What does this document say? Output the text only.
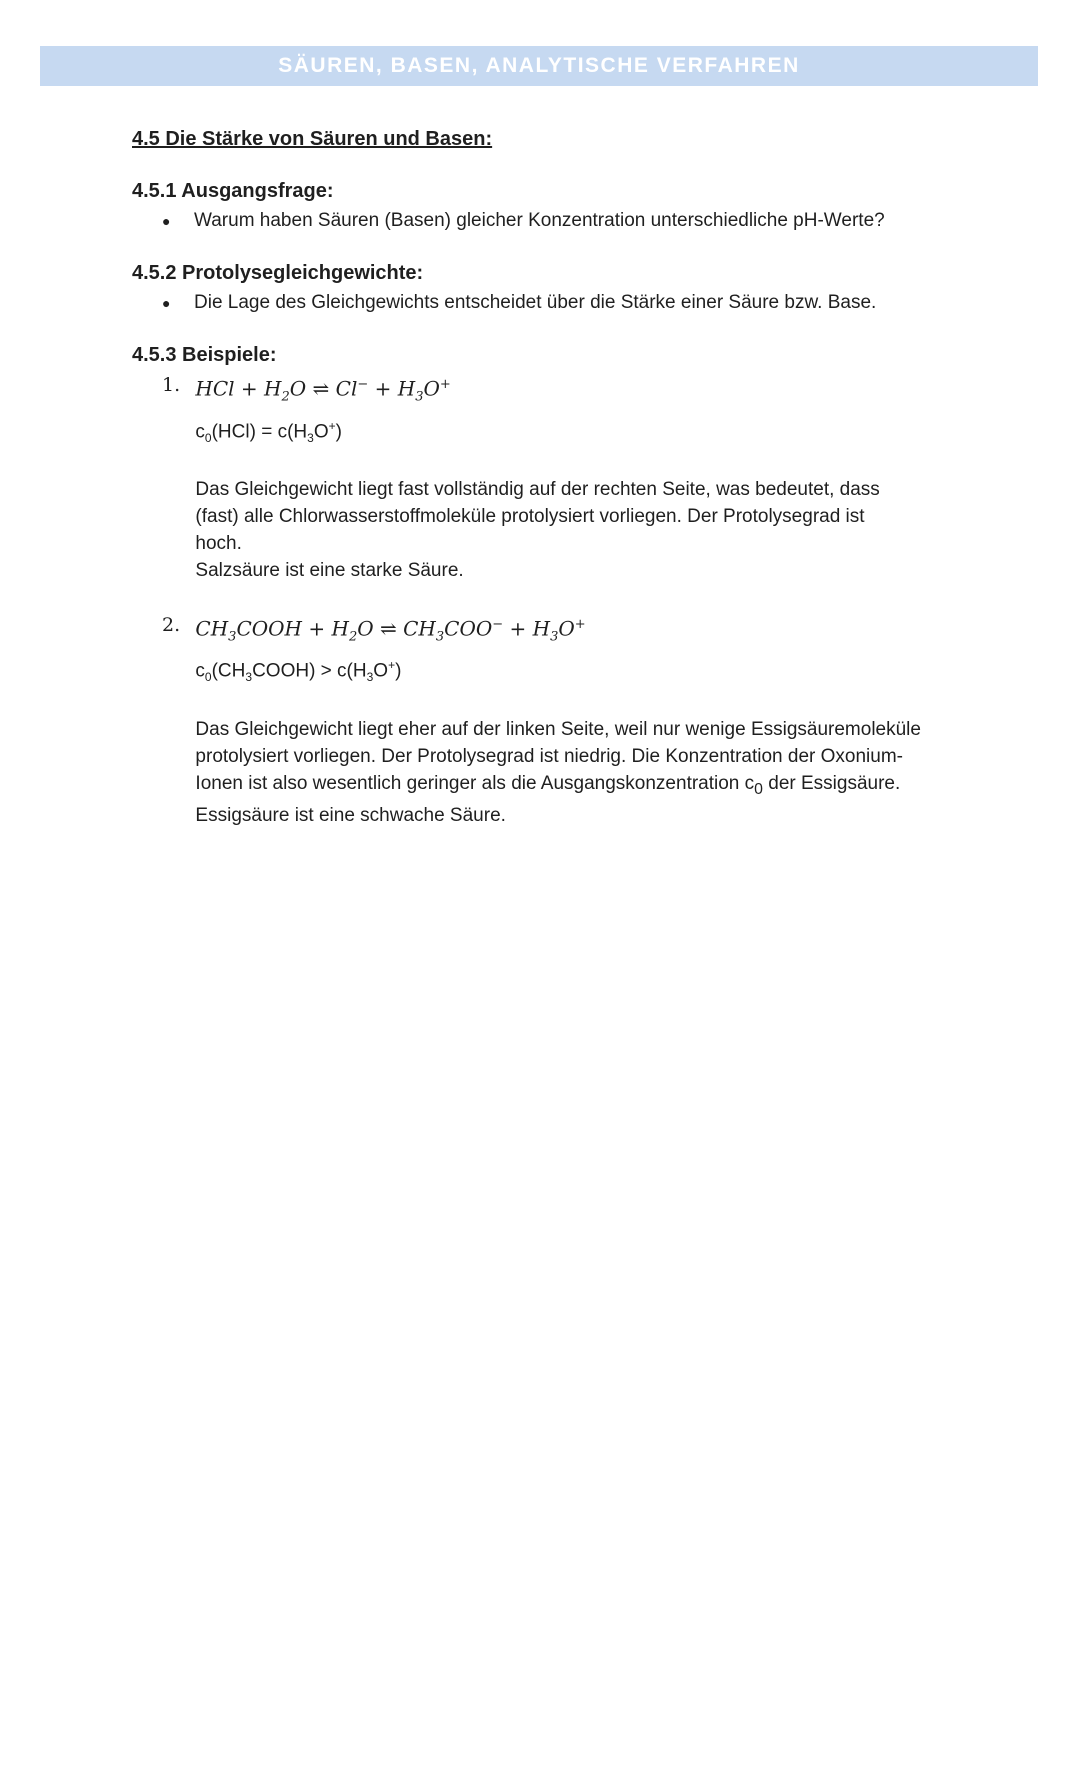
SÄUREN, BASEN, ANALYTISCHE VERFAHREN
4.5 Die Stärke von Säuren und Basen:
4.5.1 Ausgangsfrage:
●	Warum haben Säuren (Basen) gleicher Konzentration unterschiedliche pH-Werte?
4.5.2 Protolysegleichgewichte:
●	Die Lage des Gleichgewichts entscheidet über die Stärke einer Säure bzw. Base.
4.5.3 Beispiele:
1. HCl + $H_2O$ ⇌ $Cl^- + H_3O^+$
$c_0(HCl) = c(H_3O^+)$

Das Gleichgewicht liegt fast vollständig auf der rechten Seite, was bedeutet, dass

(fast) alle Chlorwasserstoffmoleküle protolysiert vorliegen. Der Protolysegrad ist

hoch.

Salzsäure ist eine starke Säure.

2. $CH_3COOH + H_2O$ ⇌ $CH_3COO^- + H_3O^+$
$c_0(CH_3COOH) > c(H_3O^+)$

Das Gleichgewicht liegt eher auf der linken Seite, weil nur wenige Essigsäuremoleküle

protolysiert vorliegen. Der Protolysegrad ist niedrig. Die Konzentration der Oxonium-

Ionen ist also wesentlich geringer als die Ausgangskonzentration $c_0$ der Essigsäure.

Essigsäure ist eine schwache Säure.
